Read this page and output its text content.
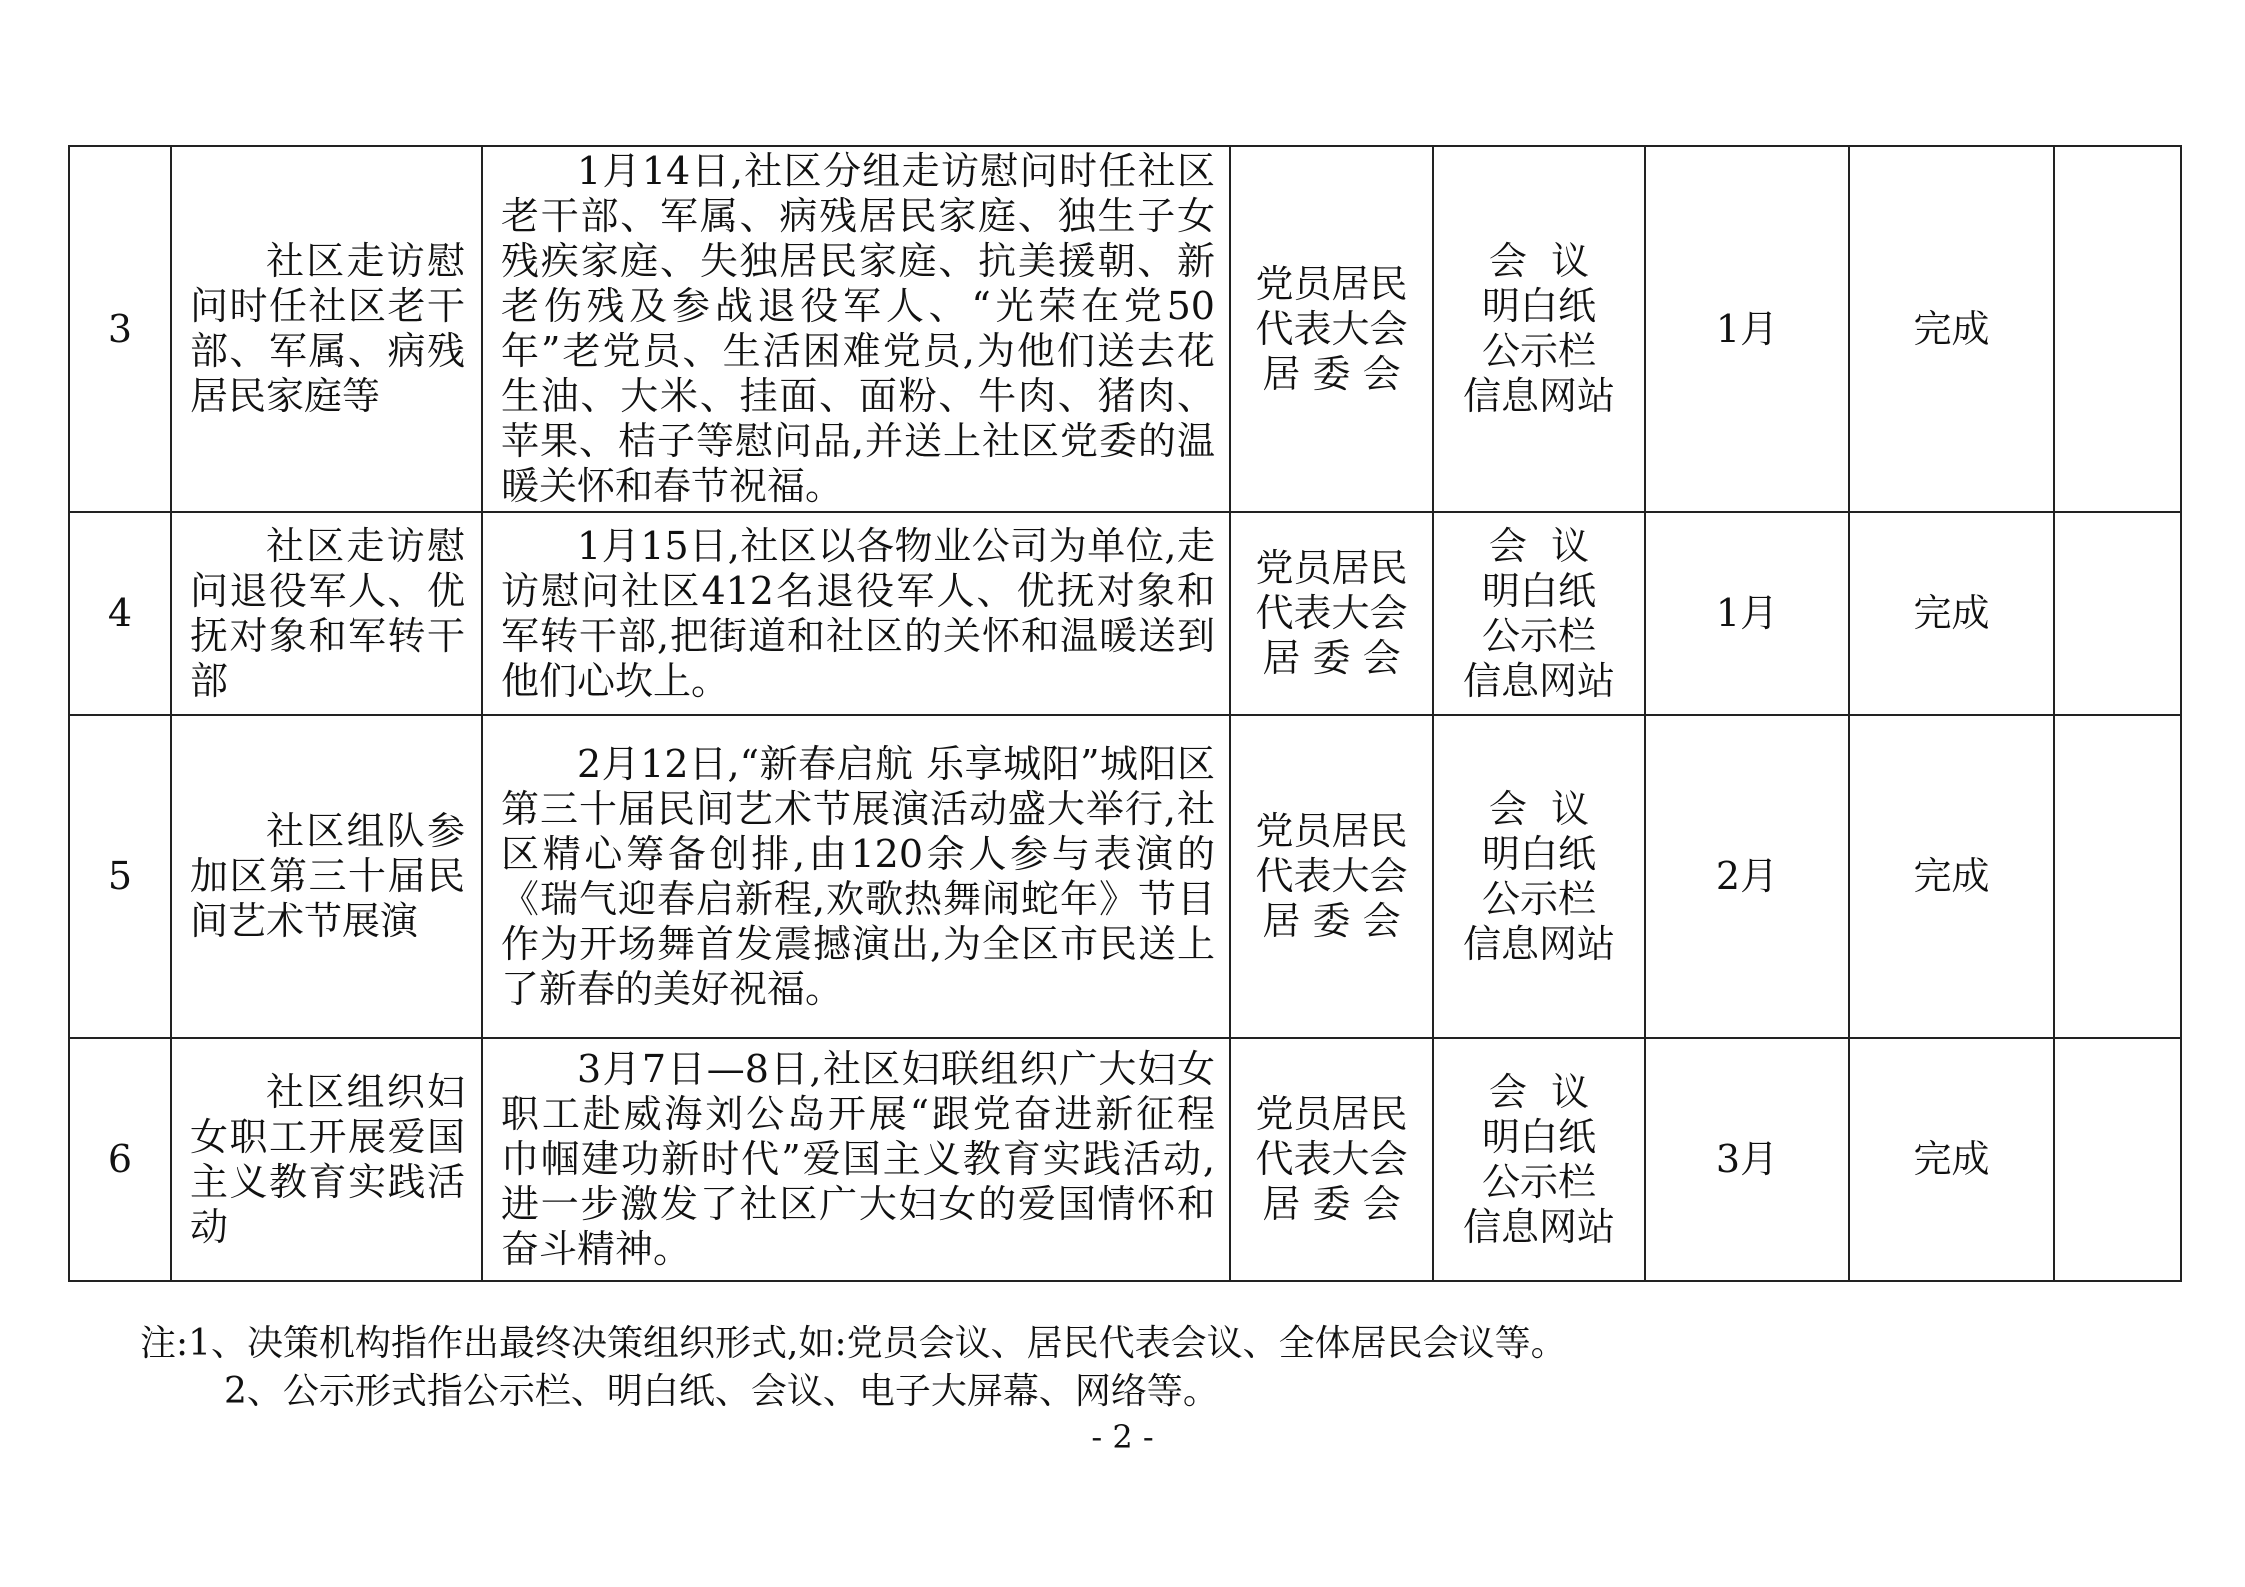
3	社区走访慰问时任社区老干部、军属、病残居民家庭等	1月14日,社区分组走访慰问时任社区老干部、军属、病残居民家庭、独生子女残疾家庭、失独居民家庭、抗美援朝、新老伤残及参战退役军人、“光荣在党50年”老党员、生活困难党员,为他们送去花生油、大米、挂面、面粉、牛肉、猪肉、苹果、桔子等慰问品,并送上社区党委的温暖关怀和春节祝福。	党员居民
代表大会
居 委 会	会  议
明白纸
公示栏
信息网站	1月	完成	
4	社区走访慰问退役军人、优抚对象和军转干部	1月15日,社区以各物业公司为单位,走访慰问社区412名退役军人、优抚对象和军转干部,把街道和社区的关怀和温暖送到他们心坎上。	党员居民
代表大会
居 委 会	会  议
明白纸
公示栏
信息网站	1月	完成	
5	社区组队参加区第三十届民间艺术节展演	2月12日,“新春启航 乐享城阳”城阳区第三十届民间艺术节展演活动盛大举行,社区精心筹备创排,由120余人参与表演的《瑞气迎春启新程,欢歌热舞闹蛇年》节目作为开场舞首发震撼演出,为全区市民送上了新春的美好祝福。	党员居民
代表大会
居 委 会	会  议
明白纸
公示栏
信息网站	2月	完成	
6	社区组织妇女职工开展爱国主义教育实践活动	3月7日—8日,社区妇联组织广大妇女职工赴威海刘公岛开展“跟党奋进新征程 巾帼建功新时代”爱国主义教育实践活动,进一步激发了社区广大妇女的爱国情怀和奋斗精神。	党员居民
代表大会
居 委 会	会  议
明白纸
公示栏
信息网站	3月	完成	
注:1、决策机构指作出最终决策组织形式,如:党员会议、居民代表会议、全体居民会议等。
2、公示形式指公示栏、明白纸、会议、电子大屏幕、网络等。
- 2 -
